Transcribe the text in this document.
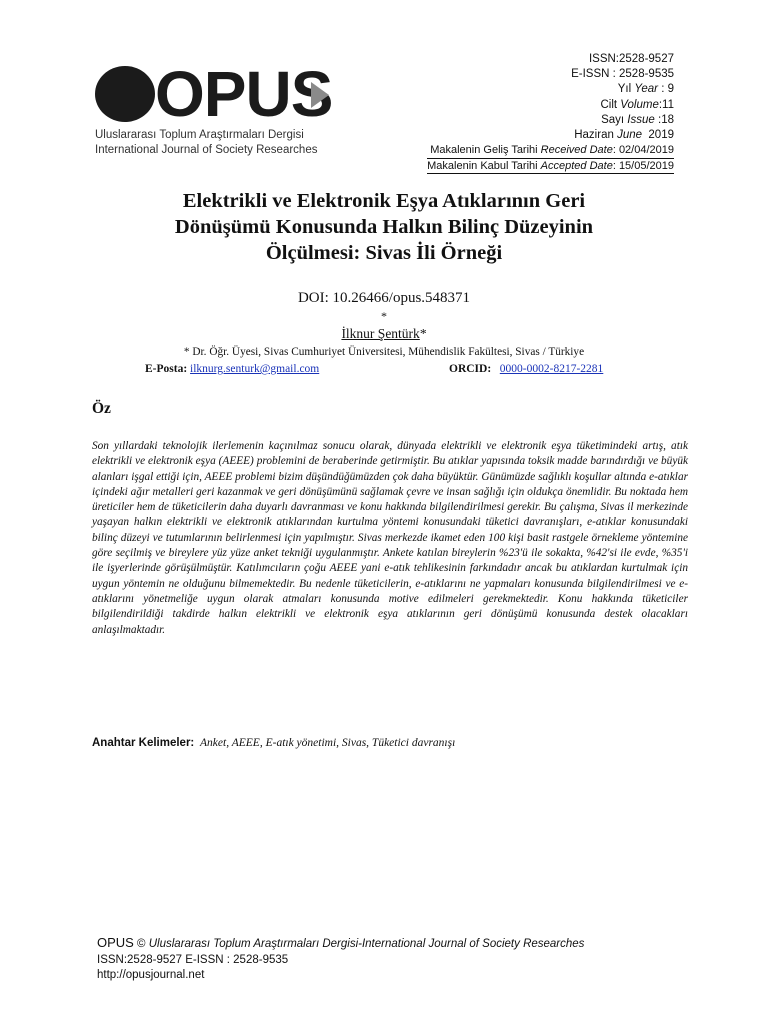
OPUS
Uluslararası Toplum Araştırmaları Dergisi
International Journal of Society Researches
ISSN:2528-9527
E-ISSN : 2528-9535
Yıl Year : 9
Cilt Volume:11
Sayı Issue :18
Haziran June 2019
Makalenin Geliş Tarihi Received Date: 02/04/2019
Makalenin Kabul Tarihi Accepted Date: 15/05/2019
Elektrikli ve Elektronik Eşya Atıklarının Geri
Dönüşümü Konusunda Halkın Bilinç Düzeyinin
Ölçülmesi: Sivas İli Örneği
DOI: 10.26466/opus.548371
*
İlknur Şentürk*
* Dr. Öğr. Üyesi, Sivas Cumhuriyet Üniversitesi, Mühendislik Fakültesi, Sivas / Türkiye
E-Posta: ilknurg.senturk@gmail.com	ORCID: 0000-0002-8217-2281
Öz

Son yıllardaki teknolojik ilerlemenin kaçınılmaz sonucu olarak, dünyada elektrikli ve elektronik eşya tüketimindeki artış, atık elektrikli ve elektronik eşya (AEEE) problemini de beraberinde getirmiştir. Bu atıklar yapısında toksik madde barındırdığı ve büyük alanları işgal ettiği için, AEEE problemi bizim düşündüğümüzden çok daha büyüktür. Günümüzde sağlıklı koşullar altında e-atıklar içindeki ağır metalleri geri kazanmak ve geri dönüşümünü sağlamak çevre ve insan sağlığı için oldukça önemlidir. Bu noktada hem üreticiler hem de tüketicilerin daha duyarlı davranması ve konu hakkında bilgilendirilmesi gerekir. Bu çalışma, Sivas il merkezinde yaşayan halkın elektrikli ve elektronik atıklarından kurtulma yöntemi konusundaki tüketici davranışları, e-atıklar konusundaki bilinç düzeyi ve tutumlarının belirlenmesi için yapılmıştır. Sivas merkezde ikamet eden 100 kişi basit rastgele örnekleme yöntemine göre seçilmiş ve bireylere yüz yüze anket tekniği uygulanmıştır. Ankete katılan bireylerin %23'ü ile sokakta, %42'si ile evde, %35'i ile işyerlerinde görüşülmüştür. Katılımcıların çoğu AEEE yani e-atık tehlikesinin farkındadır ancak bu atıklardan kurtulmak için uygun yöntemin ne olduğunu bilmemektedir. Bu nedenle tüketicilerin, e-atıklarını ne yapmaları konusunda bilgilendirilmesi ve e-atıklarını yönetmeliğe uygun olarak atmaları konusunda motive edilmeleri gerekmektedir. Konu hakkında tüketiciler bilgilendirildiği takdirde halkın elektrikli ve elektronik eşya atıklarının geri dönüşümü konusunda destek olacakları anlaşılmaktadır.

Anahtar Kelimeler: Anket, AEEE, E-atık yönetimi, Sivas, Tüketici davranışı
OPUS © Uluslararası Toplum Araştırmaları Dergisi-International Journal of Society Researches
ISSN:2528-9527 E-ISSN : 2528-9535
http://opusjournal.net
